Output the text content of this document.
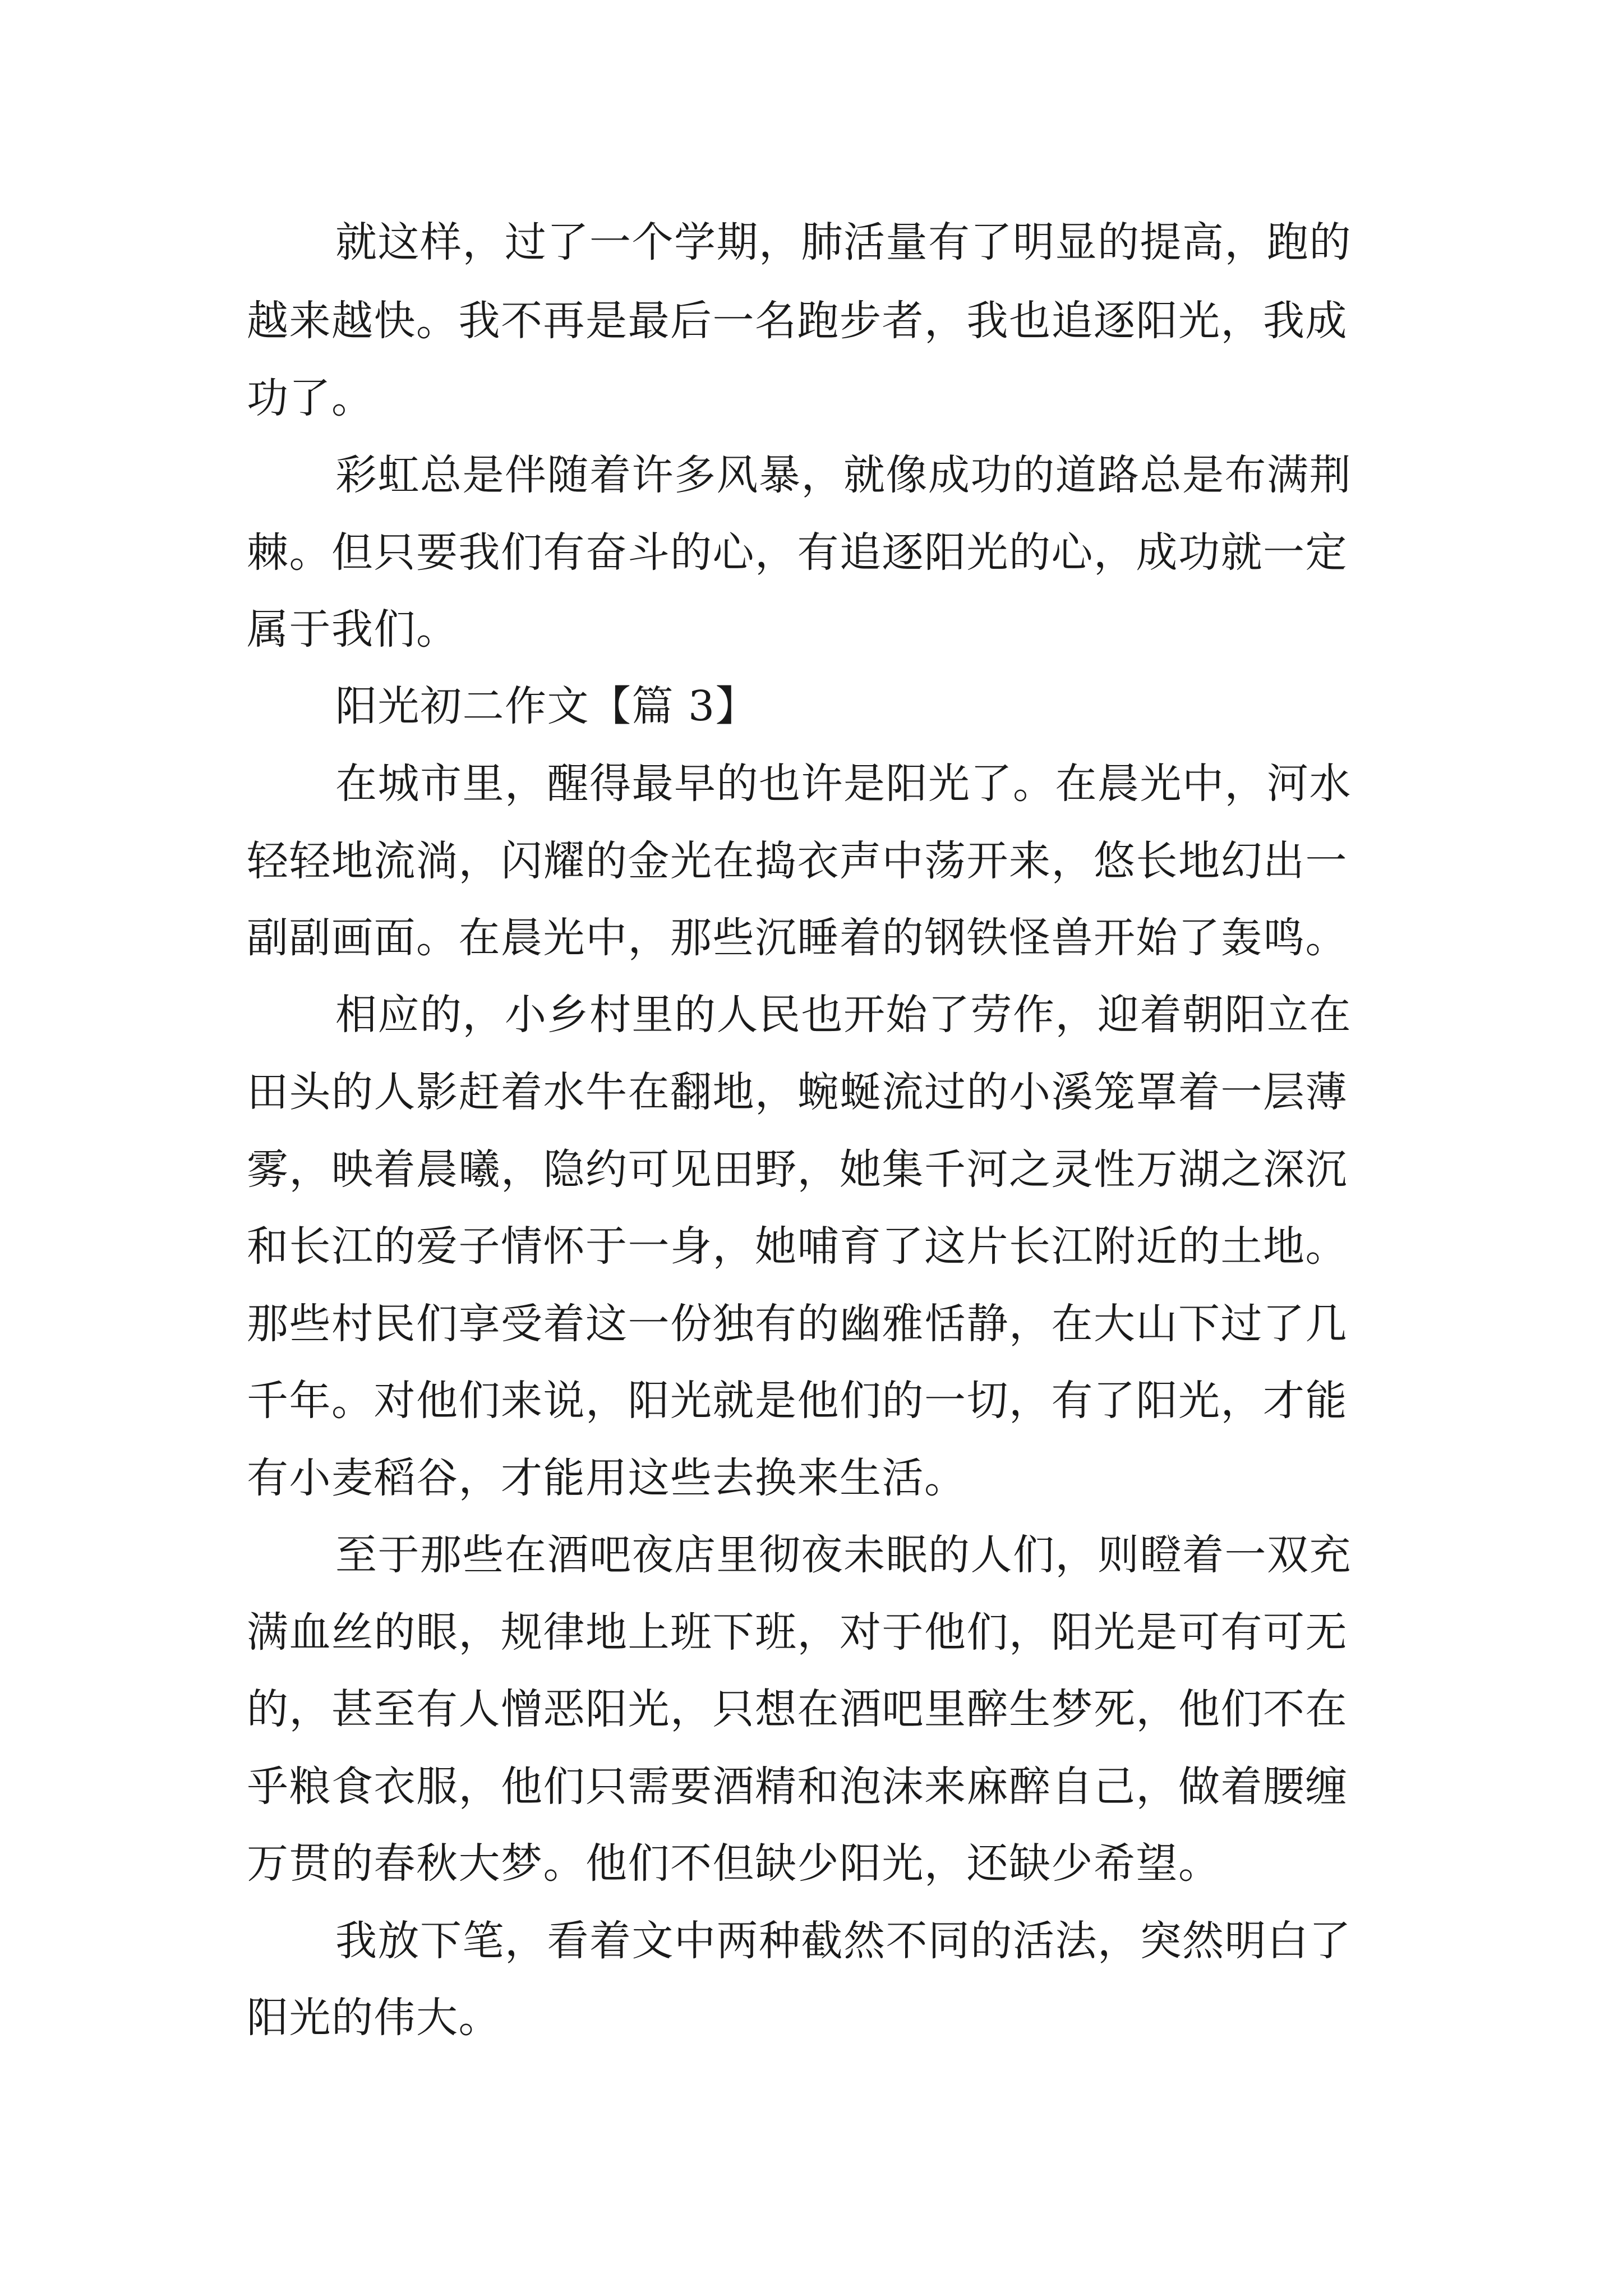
就这样，过了一个学期，肺活量有了明显的提高，跑的
越来越快。我不再是最后一名跑步者，我也追逐阳光，我成
功了。
彩虹总是伴随着许多风暴，就像成功的道路总是布满荆
棘。但只要我们有奋斗的心，有追逐阳光的心，成功就一定
属于我们。
阳光初二作文【篇 3】
在城市里，醒得最早的也许是阳光了。在晨光中，河水
轻轻地流淌，闪耀的金光在捣衣声中荡开来，悠长地幻出一
副副画面。在晨光中，那些沉睡着的钢铁怪兽开始了轰鸣。
相应的，小乡村里的人民也开始了劳作，迎着朝阳立在
田头的人影赶着水牛在翻地，蜿蜒流过的小溪笼罩着一层薄
雾，映着晨曦，隐约可见田野，她集千河之灵性万湖之深沉
和长江的爱子情怀于一身，她哺育了这片长江附近的土地。
那些村民们享受着这一份独有的幽雅恬静，在大山下过了几
千年。对他们来说，阳光就是他们的一切，有了阳光，才能
有小麦稻谷，才能用这些去换来生活。
至于那些在酒吧夜店里彻夜未眠的人们，则瞪着一双充
满血丝的眼，规律地上班下班，对于他们，阳光是可有可无
的，甚至有人憎恶阳光，只想在酒吧里醉生梦死，他们不在
乎粮食衣服，他们只需要酒精和泡沫来麻醉自己，做着腰缠
万贯的春秋大梦。他们不但缺少阳光，还缺少希望。
我放下笔，看着文中两种截然不同的活法，突然明白了
阳光的伟大。
